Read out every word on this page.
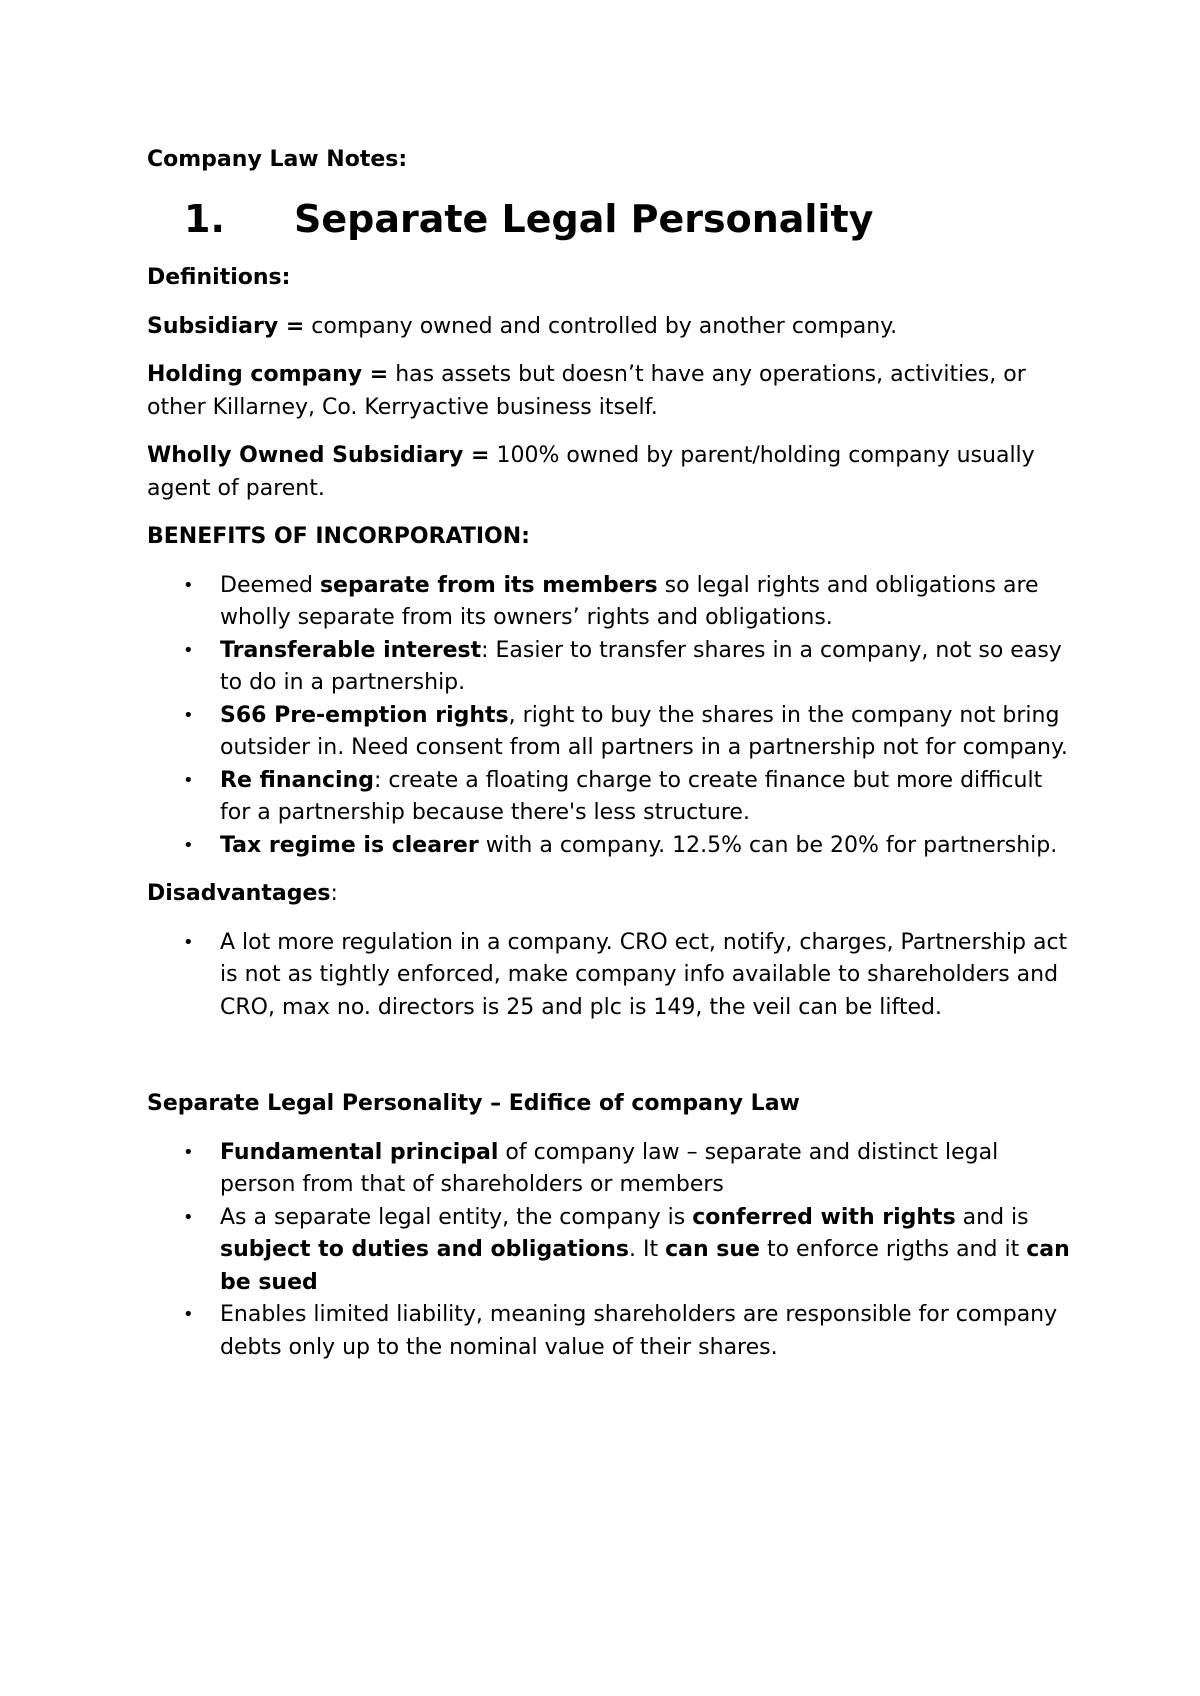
Company Law Notes:

1.	Separate Legal Personality

Definitions:

Subsidiary = company owned and controlled by another company.

Holding company = has assets but doesn’t have any operations, activities, or other Killarney, Co. Kerryactive business itself.

Wholly Owned Subsidiary = 100% owned by parent/holding company usually agent of parent.

BENEFITS OF INCORPORATION:

• Deemed separate from its members so legal rights and obligations are wholly separate from its owners’ rights and obligations.
• Transferable interest: Easier to transfer shares in a company, not so easy to do in a partnership.
• S66 Pre-emption rights, right to buy the shares in the company not bring outsider in. Need consent from all partners in a partnership not for company.
• Re financing: create a floating charge to create finance but more difficult for a partnership because there's less structure.
• Tax regime is clearer with a company. 12.5% can be 20% for partnership.

Disadvantages:

• A lot more regulation in a company. CRO ect, notify, charges, Partnership act is not as tightly enforced, make company info available to shareholders and CRO, max no. directors is 25 and plc is 149, the veil can be lifted.

Separate Legal Personality – Edifice of company Law

• Fundamental principal of company law – separate and distinct legal person from that of shareholders or members
• As a separate legal entity, the company is conferred with rights and is subject to duties and obligations. It can sue to enforce rigths and it can be sued
• Enables limited liability, meaning shareholders are responsible for company debts only up to the nominal value of their shares.
